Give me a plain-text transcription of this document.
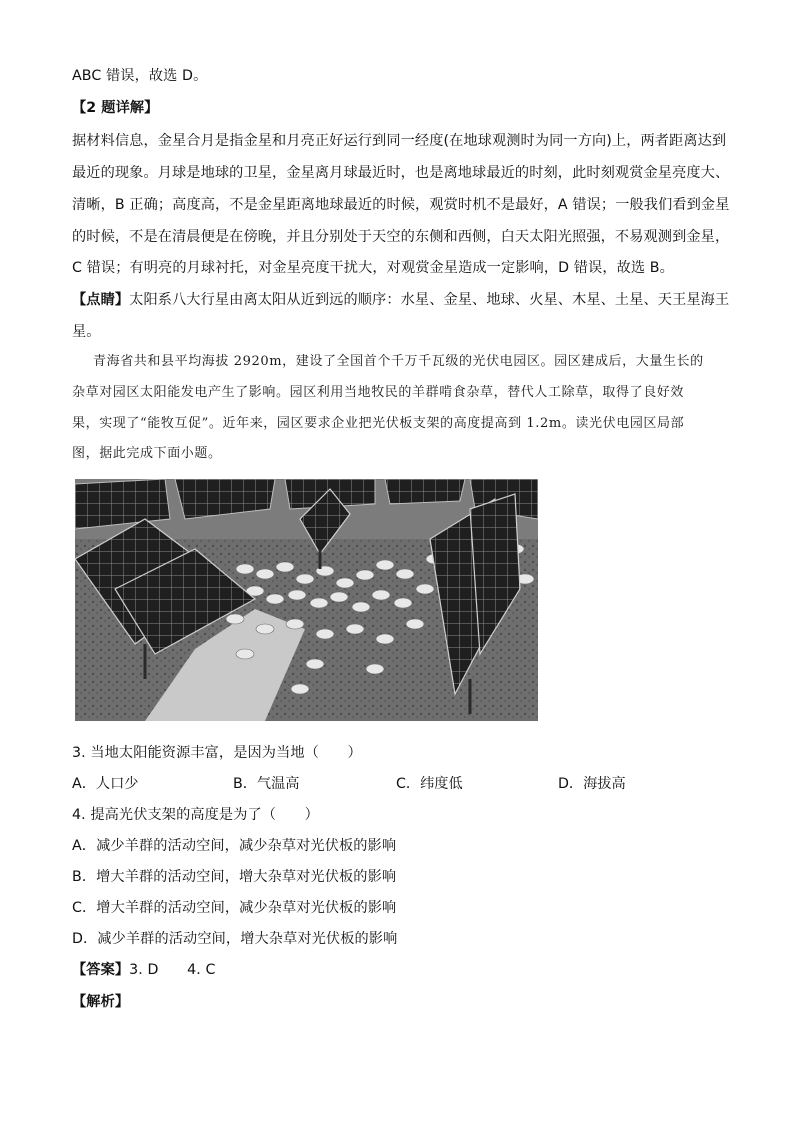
ABC 错误，故选 D。
【2 题详解】
据材料信息，金星合月是指金星和月亮正好运行到同一经度(在地球观测时为同一方向)上，两者距离达到
最近的现象。月球是地球的卫星，金星离月球最近时，也是离地球最近的时刻，此时刻观赏金星亮度大、
清晰，B 正确；高度高，不是金星距离地球最近的时候，观赏时机不是最好，A 错误；一般我们看到金星
的时候，不是在清晨便是在傍晚，并且分别处于天空的东侧和西侧，白天太阳光照强，不易观测到金星，
C 错误；有明亮的月球衬托，对金星亮度干扰大，对观赏金星造成一定影响，D 错误，故选 B。
【点睛】太阳系八大行星由离太阳从近到远的顺序：水星、金星、地球、火星、木星、土星、天王星海王
星。
青海省共和县平均海拔 2920m，建设了全国首个千万千瓦级的光伏电园区。园区建成后，大量生长的
杂草对园区太阳能发电产生了影响。园区利用当地牧民的羊群啃食杂草，替代人工除草，取得了良好效
果，实现了“能牧互促”。近年来，园区要求企业把光伏板支架的高度提高到 1.2m。读光伏电园区局部
图，据此完成下面小题。
3. 当地太阳能资源丰富，是因为当地（　　）
A．人口少	B．气温高	C．纬度低	D．海拔高
4. 提高光伏支架的高度是为了（　　）
A．减少羊群的活动空间，减少杂草对光伏板的影响
B．增大羊群的活动空间，增大杂草对光伏板的影响
C．增大羊群的活动空间，减少杂草对光伏板的影响
D．减少羊群的活动空间，增大杂草对光伏板的影响
【答案】3. D　　4. C
【解析】
